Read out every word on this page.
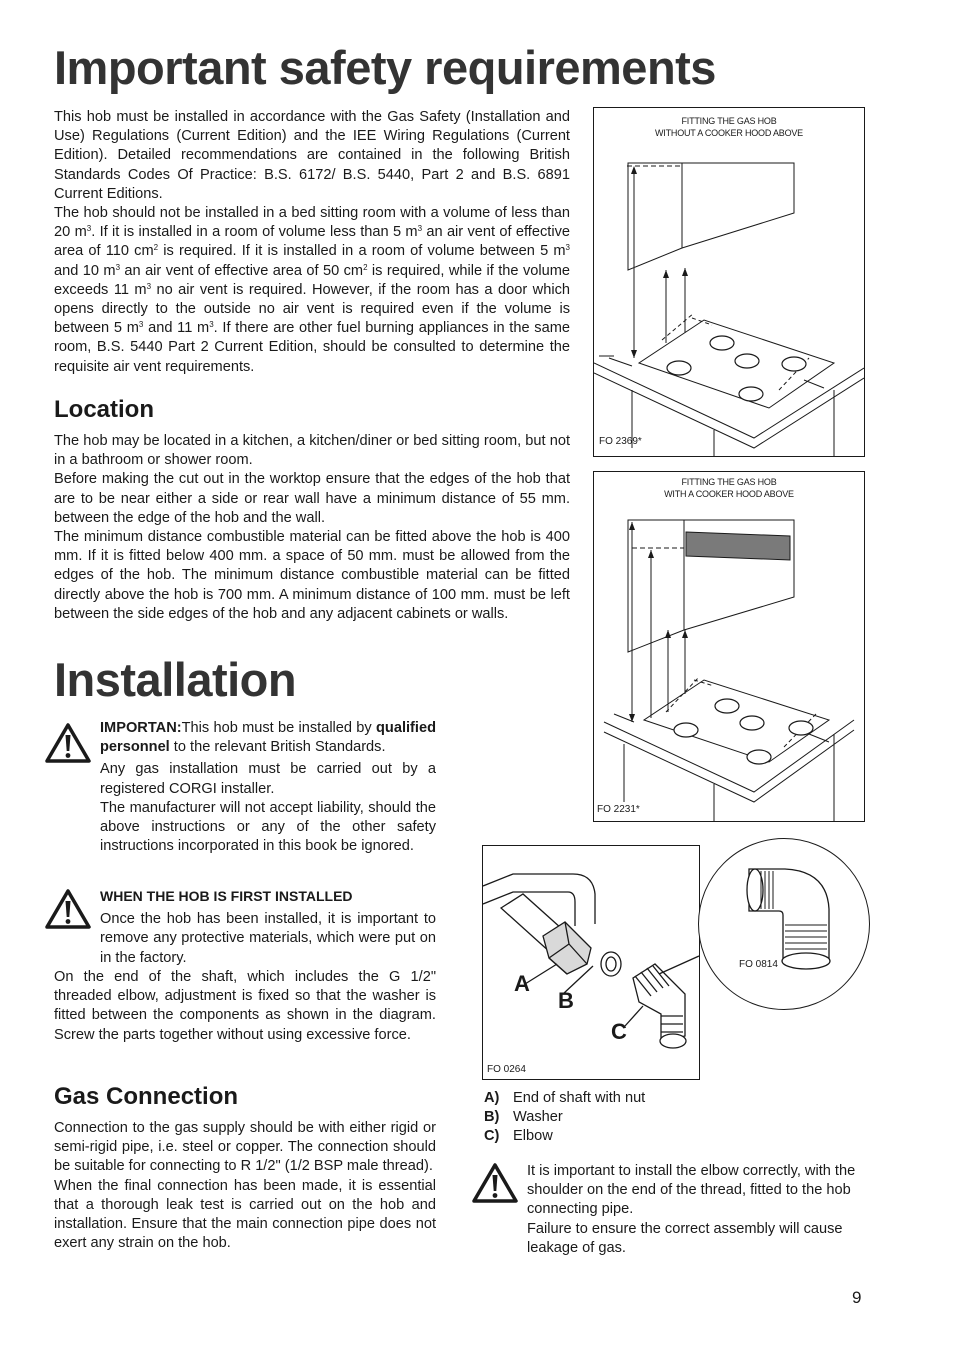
Important safety requirements

This hob must be installed in accordance with the Gas Safety (Installation and Use) Regulations (Current Edition) and the IEE Wiring Regulations (Current Edition). Detailed recommendations are contained in the following British Standards Codes Of Practice: B.S. 6172/ B.S. 5440, Part 2 and B.S. 6891 Current Editions.

The hob should not be installed in a bed sitting room with a volume of less than 20 $m^3$. If it is installed in a room of volume less than 5 $m^3$ an air vent of effective area of 110 $cm^2$ is required. If it is installed in a room of volume between 5 $m^3$ and 10 $m^3$ an air vent of effective area of 50 $cm^2$ is required, while if the volume exceeds 11 $m^3$ no air vent is required. However, if the room has a door which opens directly to the outside no air vent is required even if the volume is between 5 $m^3$ and 11 $m^3$. If there are other fuel burning appliances in the same room, B.S. 5440 Part 2 Current Edition, should be consulted to determine the requisite air vent requirements.

Location

The hob may be located in a kitchen, a kitchen/diner or bed sitting room, but not in a bathroom or shower room.

Before making the cut out in the worktop ensure that the edges of the hob that are to be near either a side or rear wall have a minimum distance of 55 mm. between the edge of the hob and the wall.

The minimum distance combustible material can be fitted above the hob is 400 mm. If it is fitted below 400 mm. a space of 50 mm. must be allowed from the edges of the hob. The minimum distance combustible material can be fitted directly above the hob is 700 mm. A minimum distance of 100 mm. must be left between the side edges of the hob and any adjacent cabinets or walls.

Installation

IMPORTAN:This hob must be installed by qualified personnel to the relevant British Standards.

Any gas installation must be carried out by a registered CORGI installer.

The manufacturer will not accept liability, should the above instructions or any of the other safety instructions incorporated in this book be ignored.

WHEN THE HOB IS FIRST INSTALLED

Once the hob has been installed, it is important to remove any protective materials, which were put on in the factory.

On the end of the shaft, which includes the G 1/2" threaded elbow, adjustment is fixed so that the washer is fitted between the components as shown in the diagram. Screw the parts together without using excessive force.

Gas Connection

Connection to the gas supply should be with either rigid or semi-rigid pipe, i.e. steel or copper. The connection should be suitable for connecting to R 1/2" (1/2 BSP male thread).

When the final connection has been made, it is essential that a thorough leak test is carried out on the hob and installation. Ensure that the main connection pipe does not exert any strain on the hob.

FITTING THE GAS HOB
WITHOUT A COOKER HOOD ABOVE
FO 2369*
FITTING THE GAS HOB
WITH A COOKER HOOD ABOVE
FO 2231*
A
B
C
FO 0264
FO 0814
A) End of shaft with nut
B) Washer
C) Elbow

It is important to install the elbow correctly, with the shoulder on the end of the thread, fitted to the hob connecting pipe.

Failure to ensure the correct assembly will cause leakage of gas.

9
